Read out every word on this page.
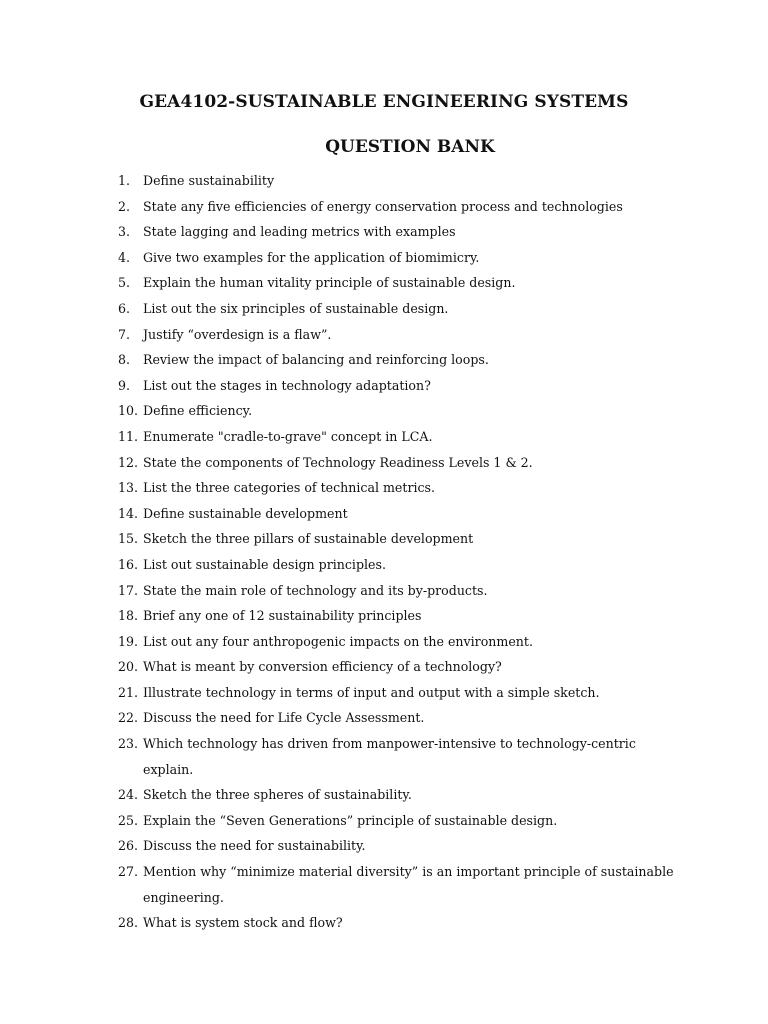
GEA4102-SUSTAINABLE ENGINEERING SYSTEMS
QUESTION BANK
1.	Define sustainability
2.	State any five efficiencies of energy conservation process and technologies
3.	State lagging and leading metrics with examples
4.	Give two examples for the application of biomimicry.
5.	Explain the human vitality principle of sustainable design.
6.	List out the six principles of sustainable design.
7.	Justify “overdesign is a flaw”.
8.	Review the impact of balancing and reinforcing loops.
9.	List out the stages in technology adaptation?
10. Define efficiency.
11. Enumerate "cradle-to-grave" concept in LCA.
12. State the components of Technology Readiness Levels 1 & 2.
13. List the three categories of technical metrics.
14. Define sustainable development
15. Sketch the three pillars of sustainable development
16. List out sustainable design principles.
17. State the main role of technology and its by-products.
18. Brief any one of 12 sustainability principles
19. List out any four anthropogenic impacts on the environment.
20. What is meant by conversion efficiency of a technology?
21. Illustrate technology in terms of input and output with a simple sketch.
22. Discuss the need for Life Cycle Assessment.
23. Which technology has driven from manpower-intensive to technology-centric explain.
24. Sketch the three spheres of sustainability.
25. Explain the “Seven Generations” principle of sustainable design.
26. Discuss the need for sustainability.
27. Mention why “minimize material diversity” is an important principle of sustainable engineering.
28. What is system stock and flow?
